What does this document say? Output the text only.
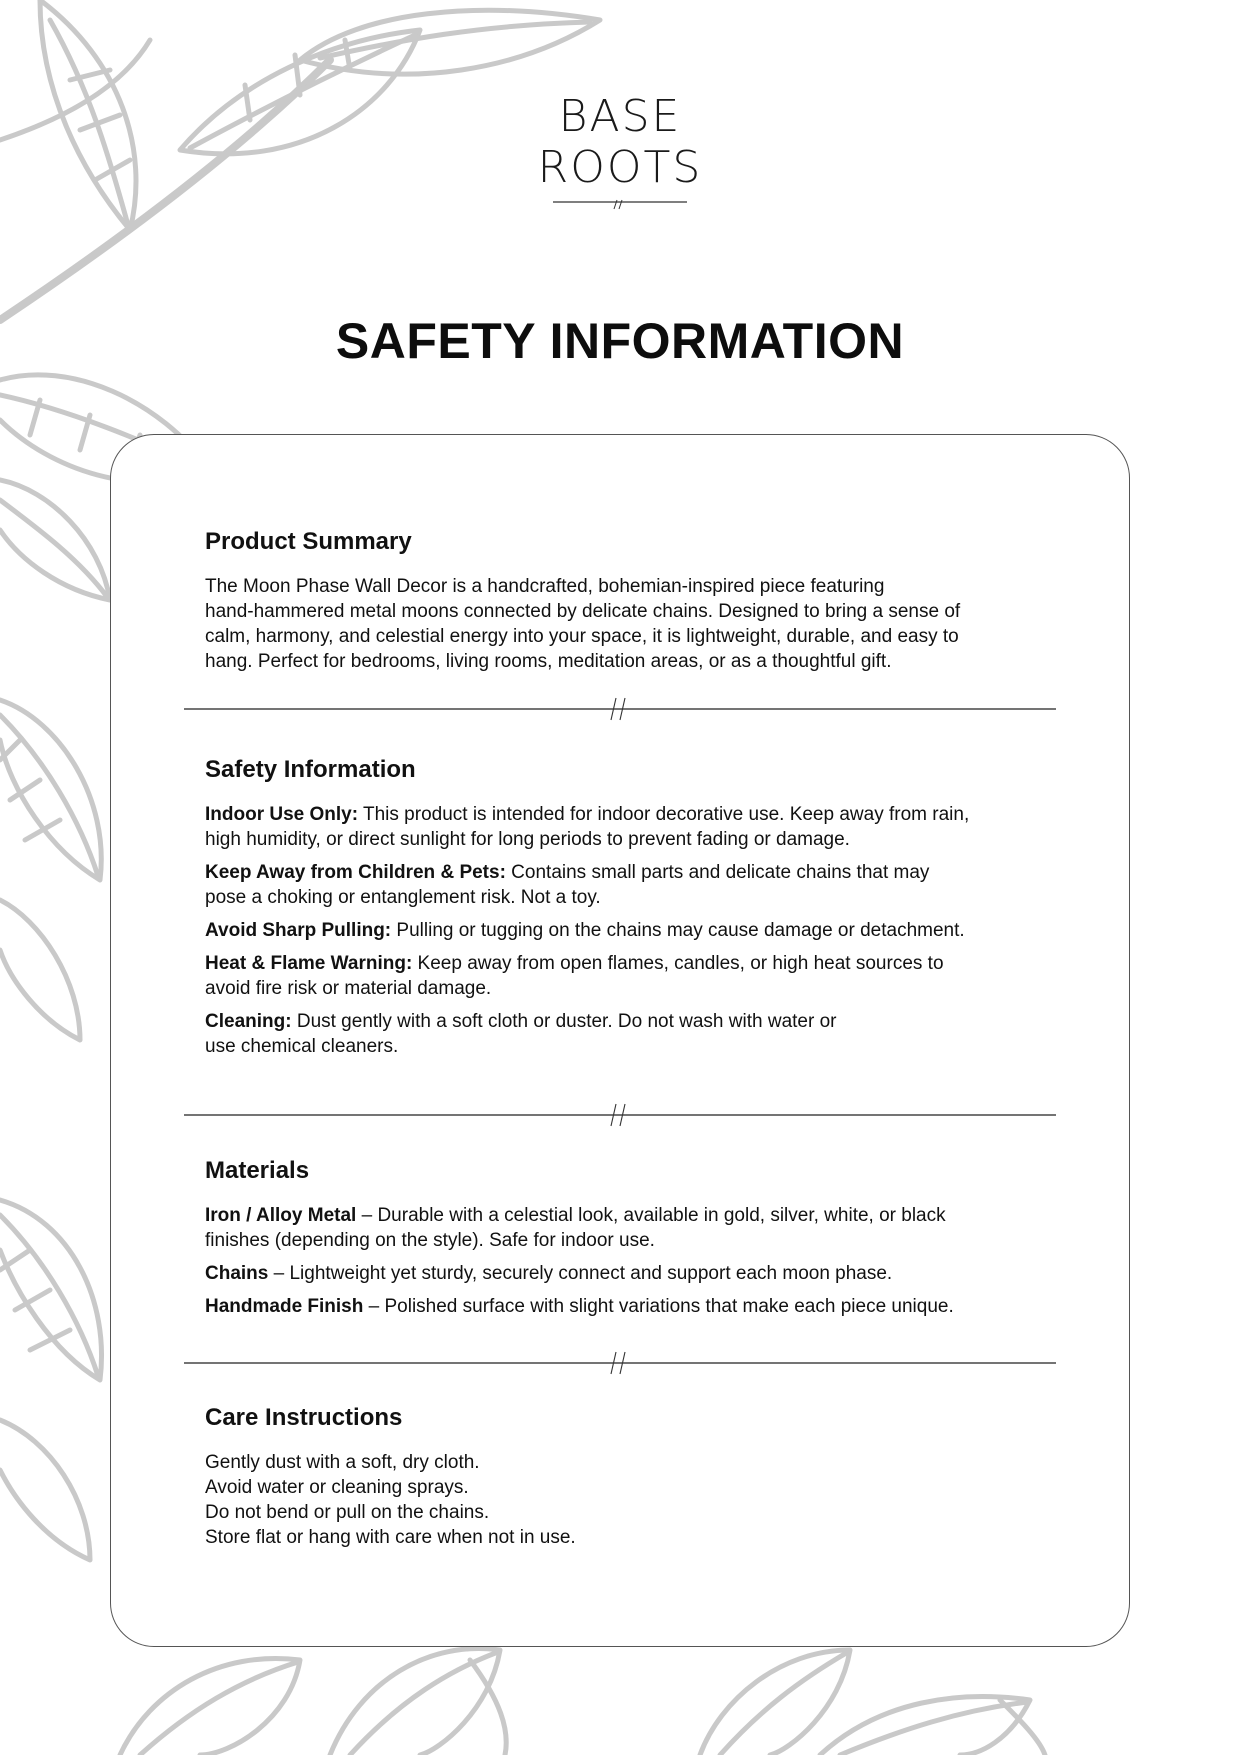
BASE
ROOTS
SAFETY INFORMATION
Product Summary

The Moon Phase Wall Decor is a handcrafted, bohemian-inspired piece featuring
hand-hammered metal moons connected by delicate chains. Designed to bring a sense of
calm, harmony, and celestial energy into your space, it is lightweight, durable, and easy to
hang. Perfect for bedrooms, living rooms, meditation areas, or as a thoughtful gift.

Safety Information

Indoor Use Only: This product is intended for indoor decorative use. Keep away from rain,
high humidity, or direct sunlight for long periods to prevent fading or damage.

Keep Away from Children & Pets: Contains small parts and delicate chains that may
pose a choking or entanglement risk. Not a toy.

Avoid Sharp Pulling: Pulling or tugging on the chains may cause damage or detachment.

Heat & Flame Warning: Keep away from open flames, candles, or high heat sources to
avoid fire risk or material damage.

Cleaning: Dust gently with a soft cloth or duster. Do not wash with water or
use chemical cleaners.

Materials

Iron / Alloy Metal – Durable with a celestial look, available in gold, silver, white, or black
finishes (depending on the style). Safe for indoor use.

Chains – Lightweight yet sturdy, securely connect and support each moon phase.

Handmade Finish – Polished surface with slight variations that make each piece unique.

Care Instructions

Gently dust with a soft, dry cloth.

Avoid water or cleaning sprays.

Do not bend or pull on the chains.

Store flat or hang with care when not in use.
